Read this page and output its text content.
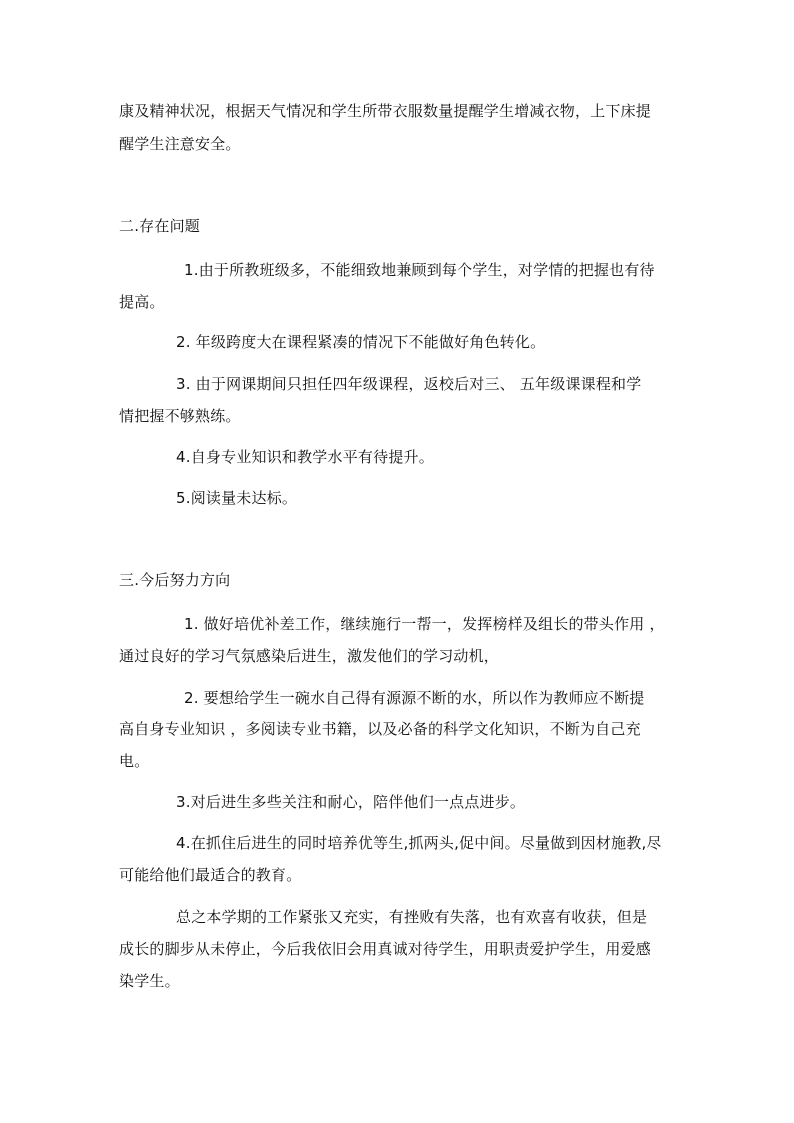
康及精神状况，根据天气情况和学生所带衣服数量提醒学生增减衣物，上下床提
醒学生注意安全。
二.存在问题
1.由于所教班级多，不能细致地兼顾到每个学生，对学情的把握也有待
提高。
2. 年级跨度大在课程紧凑的情况下不能做好角色转化。
3. 由于网课期间只担任四年级课程，返校后对三、 五年级课课程和学
情把握不够熟练。
4.自身专业知识和教学水平有待提升。
5.阅读量未达标。
三.今后努力方向
1. 做好培优补差工作，继续施行一帮一，发挥榜样及组长的带头作用 ，
通过良好的学习气氛感染后进生，激发他们的学习动机，
2. 要想给学生一碗水自己得有源源不断的水，所以作为教师应不断提
高自身专业知识 ，多阅读专业书籍，以及必备的科学文化知识，不断为自己充
电。
3.对后进生多些关注和耐心，陪伴他们一点点进步。
4.在抓住后进生的同时培养优等生,抓两头,促中间。尽量做到因材施教,尽
可能给他们最适合的教育。
总之本学期的工作紧张又充实，有挫败有失落，也有欢喜有收获，但是
成长的脚步从未停止，今后我依旧会用真诚对待学生，用职责爱护学生，用爱感
染学生。
